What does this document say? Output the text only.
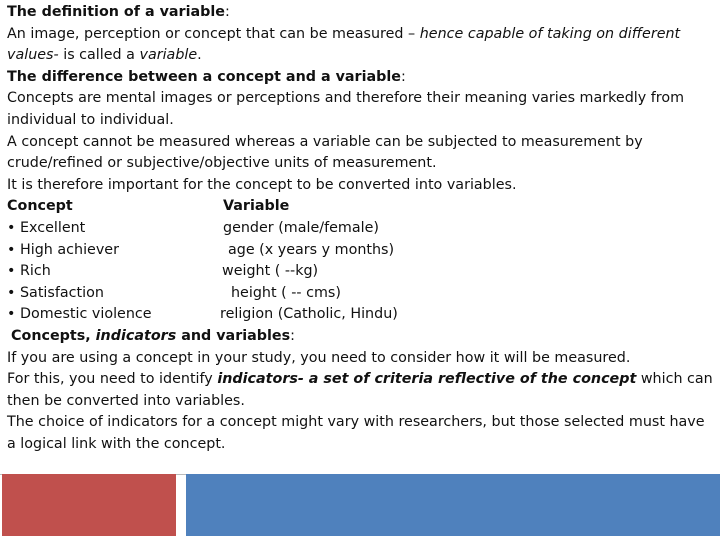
The definition of a variable:
An image, perception or concept that can be measured – hence capable of taking on different
values- is called a variable.
The difference between a concept and a variable:
Concepts are mental images or perceptions and therefore their meaning varies markedly from
individual to individual.
A concept cannot be measured whereas a variable can be subjected to measurement by
crude/refined or subjective/objective units of measurement.
It is therefore important for the concept to be converted into variables.
Concept	Variable
• Excellent	gender (male/female)
• High achiever	age (x years y months)
• Rich	weight ( --kg)
• Satisfaction	height ( -- cms)
• Domestic violence	religion (Catholic, Hindu)
Concepts, indicators and variables:
If you are using a concept in your study, you need to consider how it will be measured.
For this, you need to identify indicators- a set of criteria reflective of the concept which can
then be converted into variables.
The choice of indicators for a concept might vary with researchers, but those selected must have
a logical link with the concept.
